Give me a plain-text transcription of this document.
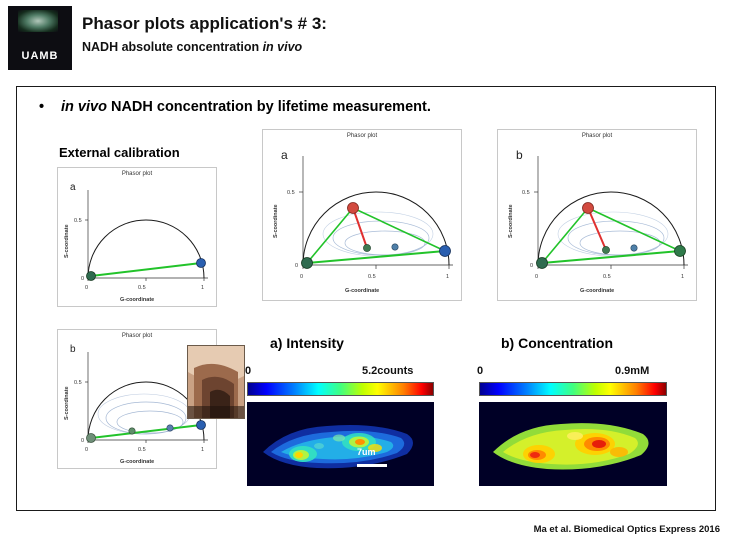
UAMB
Phasor plots application's # 3:
NADH absolute concentration in vivo
• in vivo NADH concentration by lifetime measurement.
External calibration
Phasor plot
a
0	0.5	1
0.5
0
G-coordinate
S-coordinate
Phasor plot
b
0	0.5	1
0.5
0
G-coordinate
S-coordinate
Phasor plot
a
0	0.5	1
0.5
0
G-coordinate
S-coordinate
Phasor plot
b
0	0.5	1
0.5
0
G-coordinate
S-coordinate
a) Intensity
0	5.2counts
7um
b) Concentration
0	0.9mM
Ma et al. Biomedical Optics Express 2016
